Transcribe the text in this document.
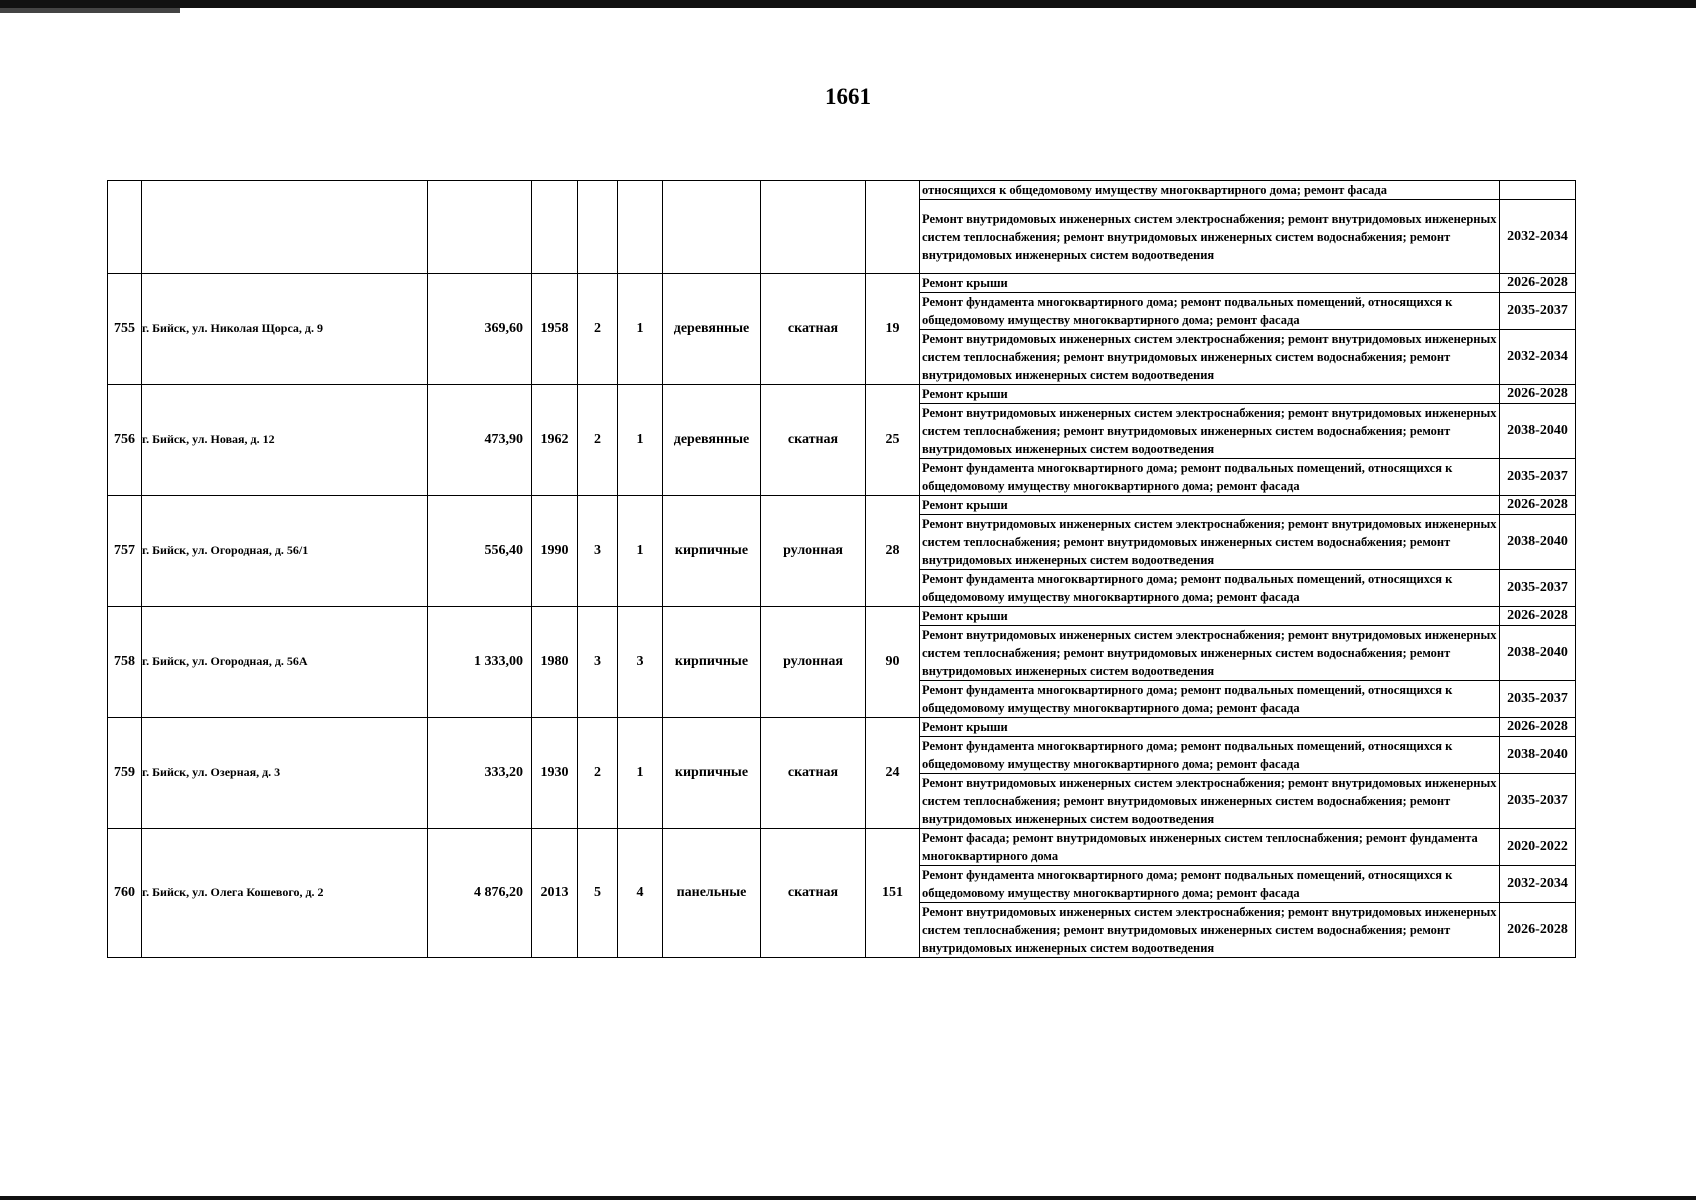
1661
									относящихся к общедомовому имуществу многоквартирного дома; ремонт фасада	
									Ремонт внутридомовых инженерных систем электроснабжения; ремонт внутридомовых инженерных систем теплоснабжения; ремонт внутридомовых инженерных систем водоснабжения; ремонт внутридомовых инженерных систем водоотведения	2032-2034
755	г. Бийск, ул. Николая Щорса, д. 9	369,60	1958	2	1	деревянные	скатная	19	Ремонт крыши	2026-2028
									Ремонт фундамента многоквартирного дома; ремонт подвальных помещений, относящихся к общедомовому имуществу многоквартирного дома; ремонт фасада	2035-2037
									Ремонт внутридомовых инженерных систем электроснабжения; ремонт внутридомовых инженерных систем теплоснабжения; ремонт внутридомовых инженерных систем водоснабжения; ремонт внутридомовых инженерных систем водоотведения	2032-2034
756	г. Бийск, ул. Новая, д. 12	473,90	1962	2	1	деревянные	скатная	25	Ремонт крыши	2026-2028
									Ремонт внутридомовых инженерных систем электроснабжения; ремонт внутридомовых инженерных систем теплоснабжения; ремонт внутридомовых инженерных систем водоснабжения; ремонт внутридомовых инженерных систем водоотведения	2038-2040
									Ремонт фундамента многоквартирного дома; ремонт подвальных помещений, относящихся к общедомовому имуществу многоквартирного дома; ремонт фасада	2035-2037
757	г. Бийск, ул. Огородная, д. 56/1	556,40	1990	3	1	кирпичные	рулонная	28	Ремонт крыши	2026-2028
									Ремонт внутридомовых инженерных систем электроснабжения; ремонт внутридомовых инженерных систем теплоснабжения; ремонт внутридомовых инженерных систем водоснабжения; ремонт внутридомовых инженерных систем водоотведения	2038-2040
									Ремонт фундамента многоквартирного дома; ремонт подвальных помещений, относящихся к общедомовому имуществу многоквартирного дома; ремонт фасада	2035-2037
758	г. Бийск, ул. Огородная, д. 56А	1 333,00	1980	3	3	кирпичные	рулонная	90	Ремонт крыши	2026-2028
									Ремонт внутридомовых инженерных систем электроснабжения; ремонт внутридомовых инженерных систем теплоснабжения; ремонт внутридомовых инженерных систем водоснабжения; ремонт внутридомовых инженерных систем водоотведения	2038-2040
									Ремонт фундамента многоквартирного дома; ремонт подвальных помещений, относящихся к общедомовому имуществу многоквартирного дома; ремонт фасада	2035-2037
759	г. Бийск, ул. Озерная, д. 3	333,20	1930	2	1	кирпичные	скатная	24	Ремонт крыши	2026-2028
									Ремонт фундамента многоквартирного дома; ремонт подвальных помещений, относящихся к общедомовому имуществу многоквартирного дома; ремонт фасада	2038-2040
									Ремонт внутридомовых инженерных систем электроснабжения; ремонт внутридомовых инженерных систем теплоснабжения; ремонт внутридомовых инженерных систем водоснабжения; ремонт внутридомовых инженерных систем водоотведения	2035-2037
760	г. Бийск, ул. Олега Кошевого, д. 2	4 876,20	2013	5	4	панельные	скатная	151	Ремонт фасада; ремонт внутридомовых инженерных систем теплоснабжения; ремонт фундамента многоквартирного дома	2020-2022
									Ремонт фундамента многоквартирного дома; ремонт подвальных помещений, относящихся к общедомовому имуществу многоквартирного дома; ремонт фасада	2032-2034
									Ремонт внутридомовых инженерных систем электроснабжения; ремонт внутридомовых инженерных систем теплоснабжения; ремонт внутридомовых инженерных систем водоснабжения; ремонт внутридомовых инженерных систем водоотведения	2026-2028
